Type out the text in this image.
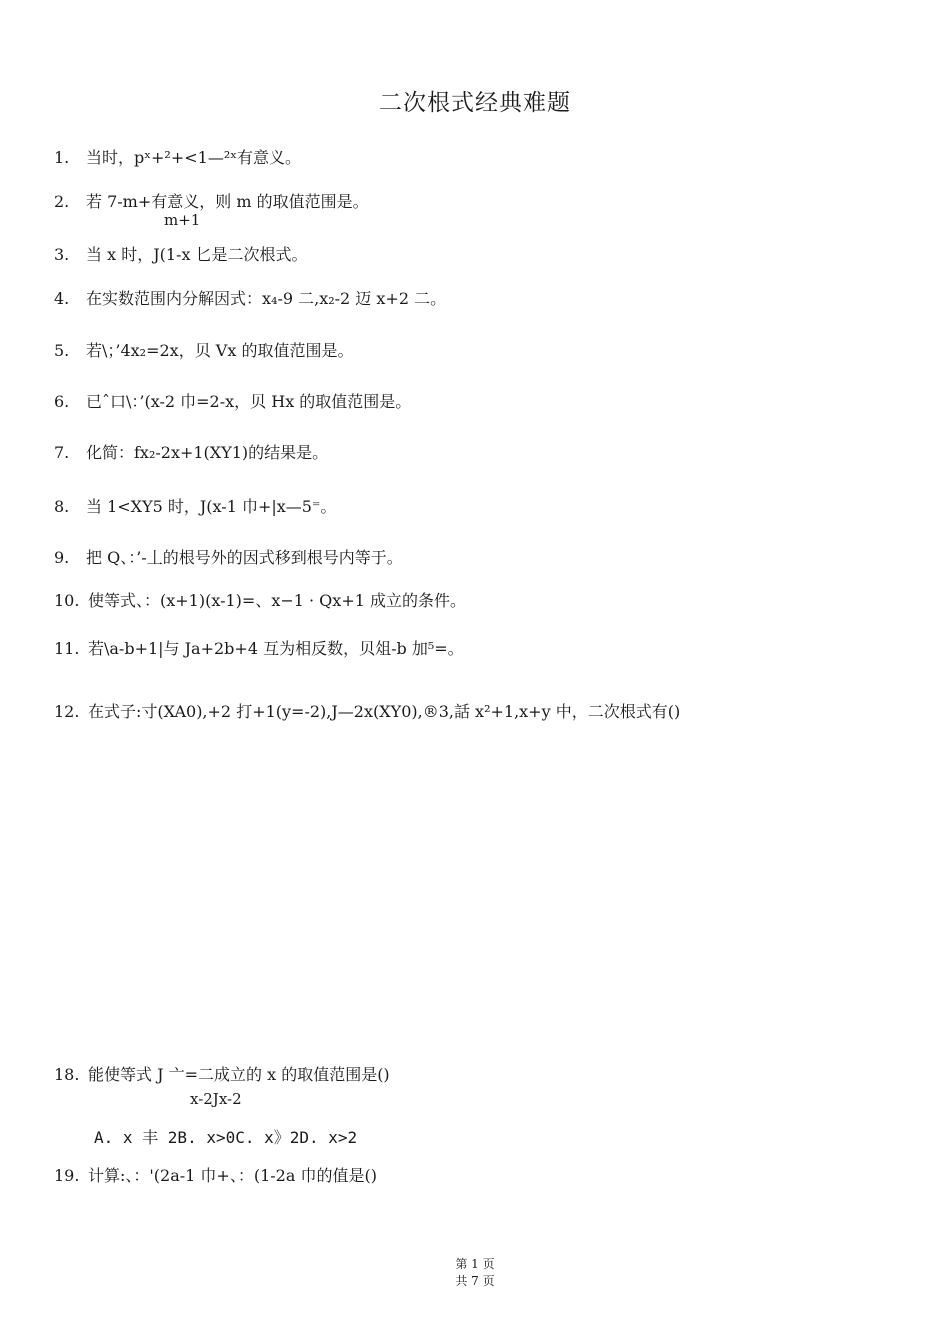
二次根式经典难题
1. 当时，pˣ+²+<1—²ˣ有意义。
2. 若 7-m+有意义，则 m 的取值范围是。
m+1
3. 当 x 时，J(1-x 匕是二次根式。
4. 在实数范围内分解因式：x₄-9 二,x₂-2 迈 x+2 二。
5. 若\；’4x₂=2x，贝 Vx 的取值范围是。
6. 已ˆ口\：’(x-2 巾=2-x，贝 Hx 的取值范围是。
7. 化简：fx₂-2x+1(XY1)的结果是。
8. 当 1<XY5 时，J(x-1 巾+|x—5⁼。
9. 把 Q、：’-丄的根号外的因式移到根号内等于。
10. 使等式、：(x+1)(x-1)=、x−1 · Qx+1 成立的条件。
11. 若\a-b+1|与 Ja+2b+4 互为相反数，贝俎-b 加⁵=。
12. 在式子:寸(XA0),+2 打+1(y=-2),J—2x(XY0),®3,話 x²+1,x+y 中，二次根式有()
18. 能使等式 J 亠=二成立的 x 的取值范围是()
x-2Jx-2
A. x 丰 2B. x>0C. x》2D. x>2
19. 计算:、：'(2a-1 巾+、：(1-2a 巾的值是()
第 1 页
共 7 页
